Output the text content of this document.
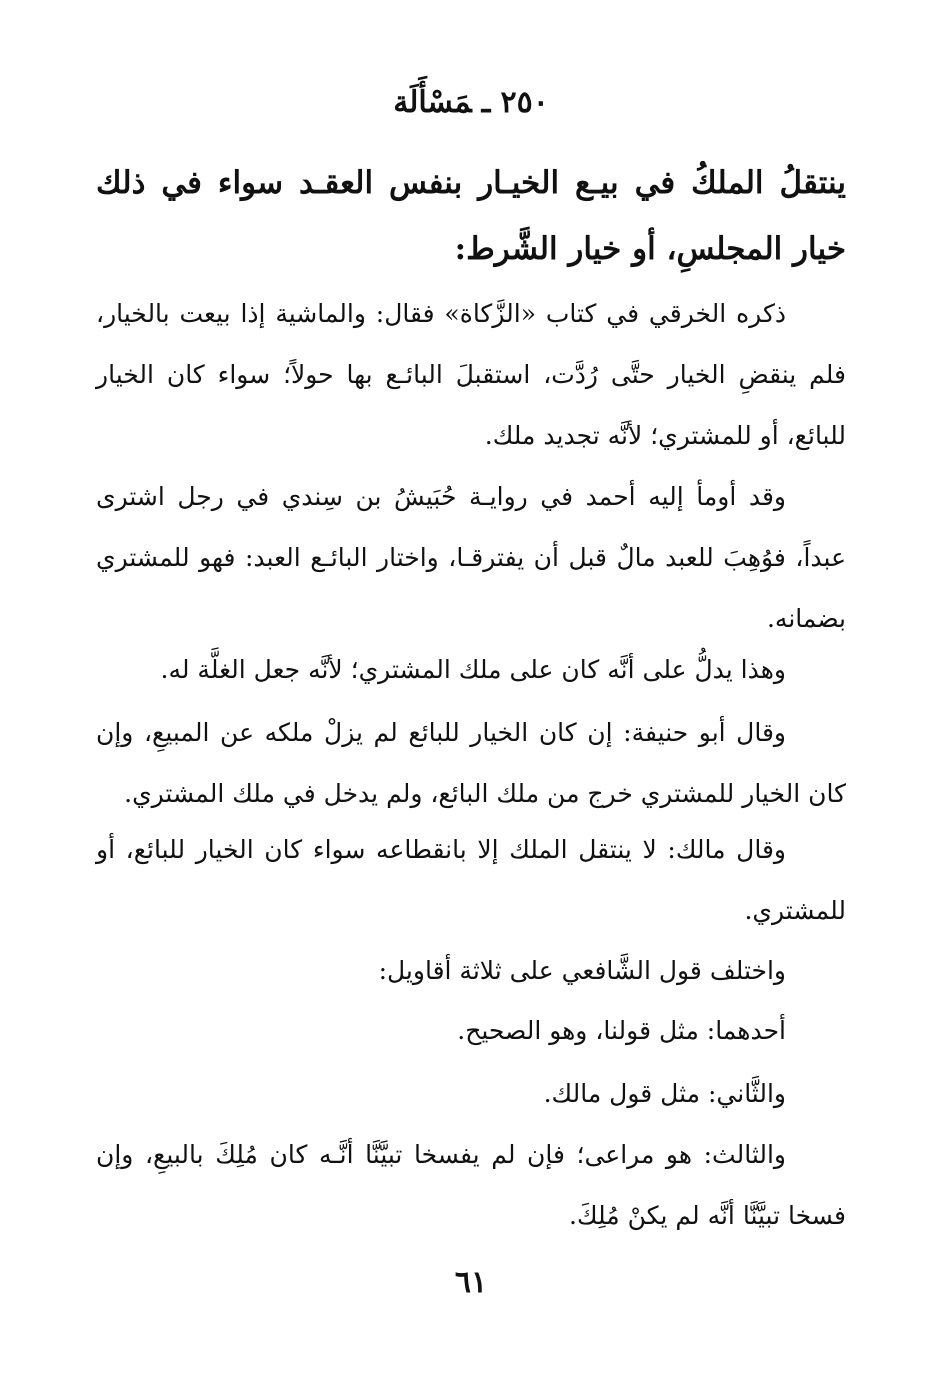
٢٥٠ـمَسْأَلَة
ينتقلُ الملكُ في بيـع الخيـار بنفس العقـد سواء في ذلك خيار المجلسِ، أو خيار الشَّرط:
ذكره الخرقي في كتاب «الزَّكاة» فقال: والماشية إذا بيعت بالخيار، فلم ينقضِ الخيار حتَّى رُدَّت، استقبلَ البائـع بها حولاً؛ سواء كان الخيار للبائع، أو للمشتري؛ لأنَّه تجديد ملك.
وقد أومأ إليه أحمد في روايـة حُبَيشُ بن سِندي في رجل اشترى عبداً، فوُهِبَ للعبد مالٌ قبل أن يفترقـا، واختار البائـع العبد: فهو للمشتري بضمانه.
وهذا يدلُّ على أنَّه كان على ملك المشتري؛ لأنَّه جعل الغلَّة له.
وقال أبو حنيفة: إن كان الخيار للبائع لم يزلْ ملكه عن المبيعِ، وإن كان الخيار للمشتري خرج من ملك البائع، ولم يدخل في ملك المشتري.
وقال مالك: لا ينتقل الملك إلا بانقطاعه سواء كان الخيار للبائع، أو للمشتري.
واختلف قول الشَّافعي على ثلاثة أقاويل:
أحدهما: مثل قولنا، وهو الصحيح.
والثَّاني: مثل قول مالك.
والثالث: هو مراعى؛ فإن لم يفسخا تبيَّنَّا أنَّـه كان مُلِكَ بالبيعِ، وإن فسخا تبيَّنَّا أنَّه لم يكنْ مُلِكَ.
٦١
